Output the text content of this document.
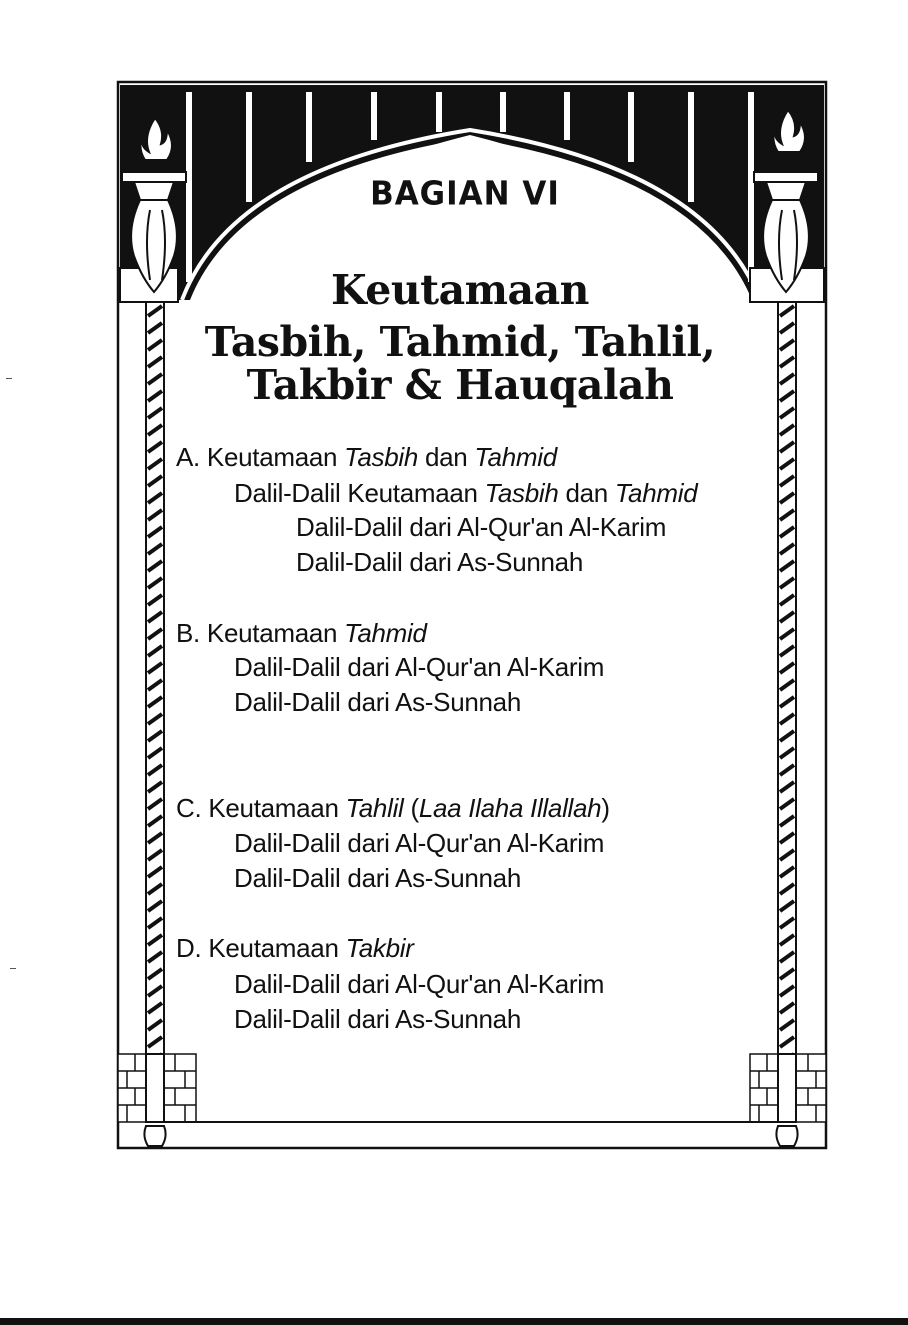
BAGIAN VI
Keutamaan
Tasbih, Tahmid, Tahlil,
Takbir & Hauqalah
A. Keutamaan Tasbih dan Tahmid
Dalil-Dalil Keutamaan Tasbih dan Tahmid
Dalil-Dalil dari Al-Qur'an Al-Karim
Dalil-Dalil dari As-Sunnah
B. Keutamaan Tahmid
Dalil-Dalil dari Al-Qur'an Al-Karim
Dalil-Dalil dari As-Sunnah
C. Keutamaan Tahlil (Laa Ilaha Illallah)
Dalil-Dalil dari Al-Qur'an Al-Karim
Dalil-Dalil dari As-Sunnah
D. Keutamaan Takbir
Dalil-Dalil dari Al-Qur'an Al-Karim
Dalil-Dalil dari As-Sunnah
